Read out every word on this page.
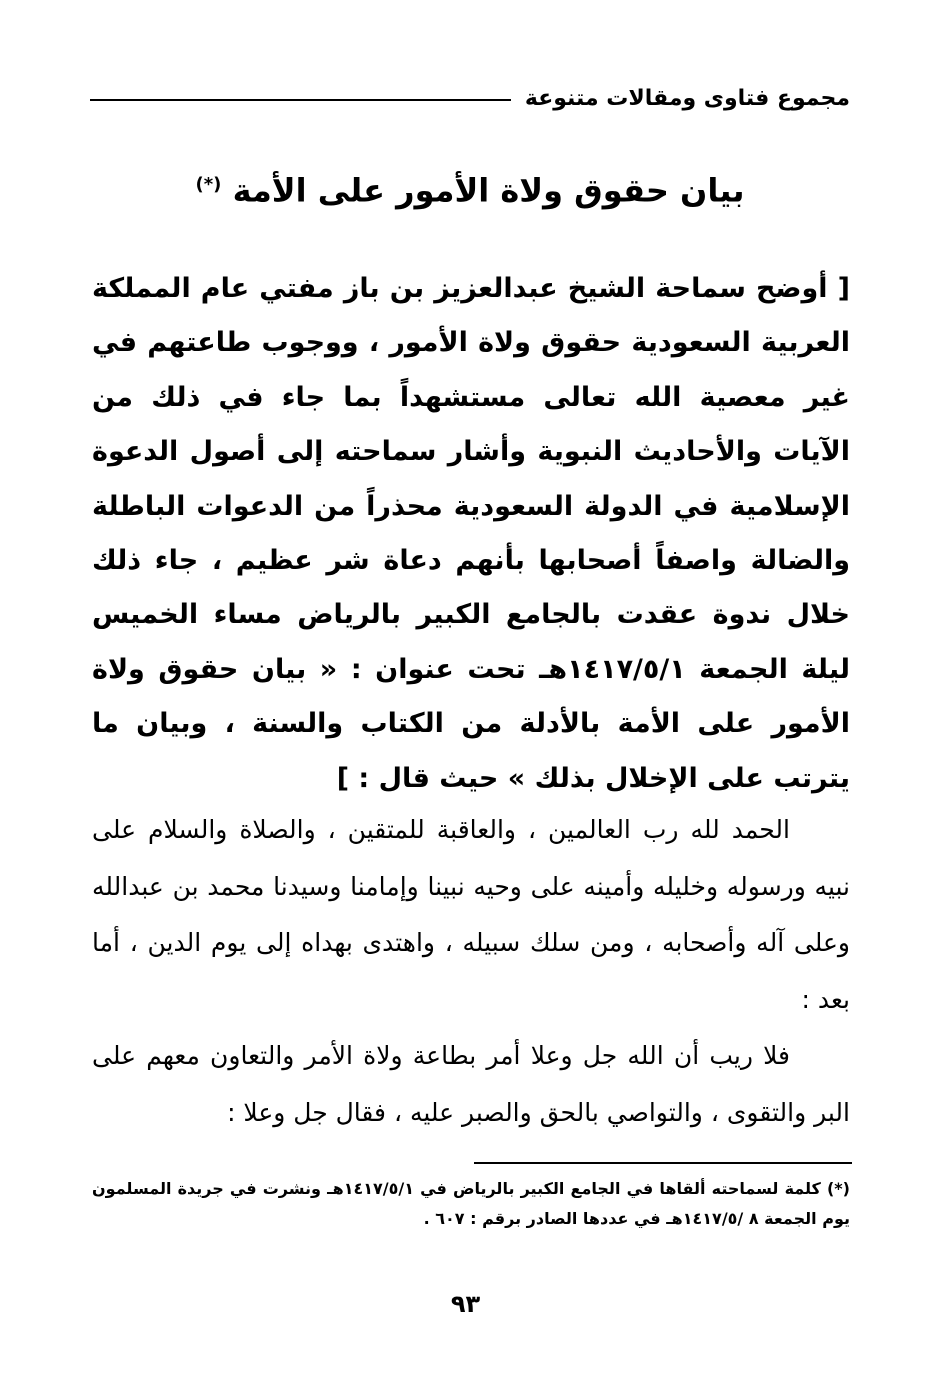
مجموع فتاوى ومقالات متنوعة
بيان حقوق ولاة الأمور على الأمة (*)
[ أوضح سماحة الشيخ عبدالعزيز بن باز مفتي عام المملكة العربية السعودية حقوق ولاة الأمور ، ووجوب طاعتهم في غير معصية الله تعالى مستشهداً بما جاء في ذلك من الآيات والأحاديث النبوية وأشار سماحته إلى أصول الدعوة الإسلامية في الدولة السعودية محذراً من الدعوات الباطلة والضالة واصفاً أصحابها بأنهم دعاة شر عظيم ، جاء ذلك خلال ندوة عقدت بالجامع الكبير بالرياض مساء الخميس ليلة الجمعة ١٤١٧/٥/١هـ تحت عنوان : « بيان حقوق ولاة الأمور على الأمة بالأدلة من الكتاب والسنة ، وبيان ما يترتب على الإخلال بذلك » حيث قال : ]

الحمد لله رب العالمين ، والعاقبة للمتقين ، والصلاة والسلام على نبيه ورسوله وخليله وأمينه على وحيه نبينا وإمامنا وسيدنا محمد بن عبدالله وعلى آله وأصحابه ، ومن سلك سبيله ، واهتدى بهداه إلى يوم الدين ، أما بعد :

فلا ريب أن الله جل وعلا أمر بطاعة ولاة الأمر والتعاون معهم على البر والتقوى ، والتواصي بالحق والصبر عليه ، فقال جل وعلا :

(*) كلمة لسماحته ألقاها في الجامع الكبير بالرياض في ١٤١٧/٥/١هـ ونشرت في جريدة المسلمون يوم الجمعة ٨ /١٤١٧/٥هـ في عددها الصادر برقم : ٦٠٧ .
٩٣
